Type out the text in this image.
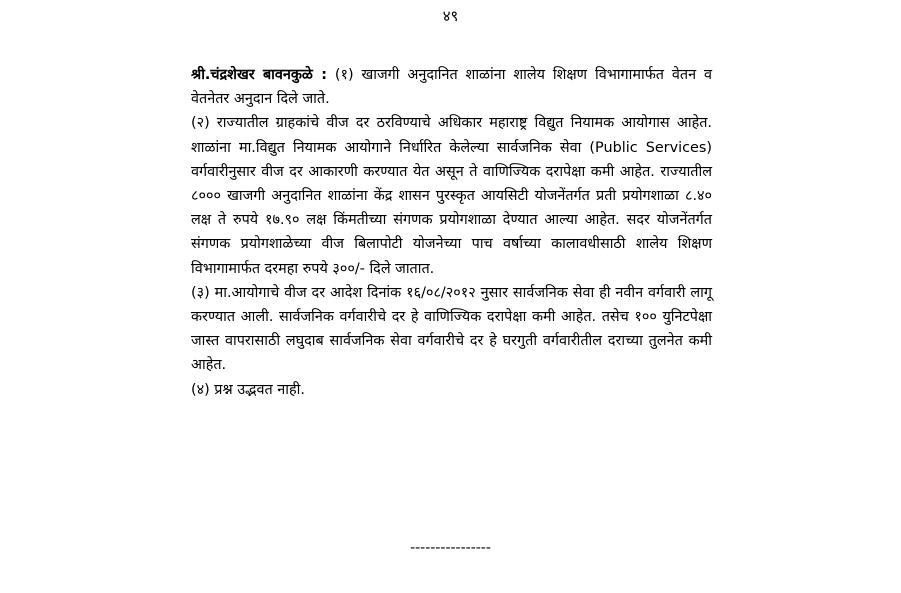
४९

श्री.चंद्रशेखर बावनकुळे : (१) खाजगी अनुदानित शाळांना शालेय शिक्षण विभागामार्फत वेतन व वेतनेतर अनुदान दिले जाते.

(२) राज्यातील ग्राहकांचे वीज दर ठरविण्याचे अधिकार महाराष्ट्र विद्युत नियामक आयोगास आहेत. शाळांना मा.विद्युत नियामक आयोगाने निर्धारित केलेल्या सार्वजनिक सेवा (Public Services) वर्गवारीनुसार वीज दर आकारणी करण्यात येत असून ते वाणिज्यिक दरापेक्षा कमी आहेत. राज्यातील ८००० खाजगी अनुदानित शाळांना केंद्र शासन पुरस्कृत आयसिटी योजनेंतर्गत प्रती प्रयोगशाळा ८.४० लक्ष ते रुपये १७.९० लक्ष किंमतीच्या संगणक प्रयोगशाळा देण्यात आल्या आहेत. सदर योजनेंतर्गत संगणक प्रयोगशाळेच्या वीज बिलापोटी योजनेच्या पाच वर्षाच्या कालावधीसाठी शालेय शिक्षण विभागामार्फत दरमहा रुपये ३००/- दिले जातात.

(३) मा.आयोगाचे वीज दर आदेश दिनांक १६/०८/२०१२ नुसार सार्वजनिक सेवा ही नवीन वर्गवारी लागू करण्यात आली. सार्वजनिक वर्गवारीचे दर हे वाणिज्यिक दरापेक्षा कमी आहेत. तसेच १०० युनिटपेक्षा जास्त वापरासाठी लघुदाब सार्वजनिक सेवा वर्गवारीचे दर हे घरगुती वर्गवारीतील दराच्या तुलनेत कमी आहेत.

(४) प्रश्न उद्भवत नाही.

----------------
